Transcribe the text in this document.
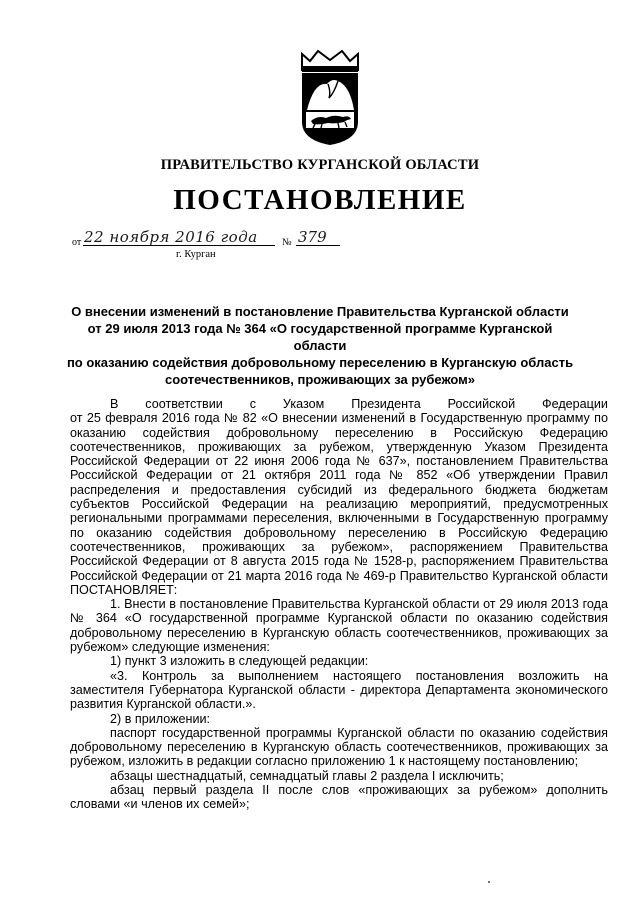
ПРАВИТЕЛЬСТВО КУРГАНСКОЙ ОБЛАСТИ
ПОСТАНОВЛЕНИЕ
от 22 ноября 2016 года № 379
г. Курган
О внесении изменений в постановление Правительства Курганской области
от 29 июля 2013 года № 364 «О государственной программе Курганской области
по оказанию содействия добровольному переселению в Курганскую область
соотечественников, проживающих за рубежом»
В соответствии с Указом Президента Российской Федерации

от 25 февраля 2016 года № 82 «О внесении изменений в Государственную программу по оказанию содействия добровольному переселению в Российскую Федерацию соотечественников, проживающих за рубежом, утвержденную Указом Президента Российской Федерации от 22 июня 2006 года № 637», постановлением Правительства Российской Федерации от 21 октября 2011 года № 852 «Об утверждении Правил распределения и предоставления субсидий из федерального бюджета бюджетам субъектов Российской Федерации на реализацию мероприятий, предусмотренных региональными программами переселения, включенными в Государственную программу по оказанию содействия добровольному переселению в Российскую Федерацию соотечественников, проживающих за рубежом», распоряжением Правительства Российской Федерации от 8 августа 2015 года № 1528-р, распоряжением Правительства Российской Федерации от 21 марта 2016 года № 469-р Правительство Курганской области ПОСТАНОВЛЯЕТ:

1. Внести в постановление Правительства Курганской области от 29 июля 2013 года № 364 «О государственной программе Курганской области по оказанию содействия добровольному переселению в Курганскую область соотечественников, проживающих за рубежом» следующие изменения:

1) пункт 3 изложить в следующей редакции:

«3. Контроль за выполнением настоящего постановления возложить на заместителя Губернатора Курганской области - директора Департамента экономического развития Курганской области.».

2) в приложении:

паспорт государственной программы Курганской области по оказанию содействия добровольному переселению в Курганскую область соотечественников, проживающих за рубежом, изложить в редакции согласно приложению 1 к настоящему постановлению;

абзацы шестнадцатый, семнадцатый главы 2 раздела I исключить;

абзац первый раздела II после слов «проживающих за рубежом» дополнить словами «и членов их семей»;
